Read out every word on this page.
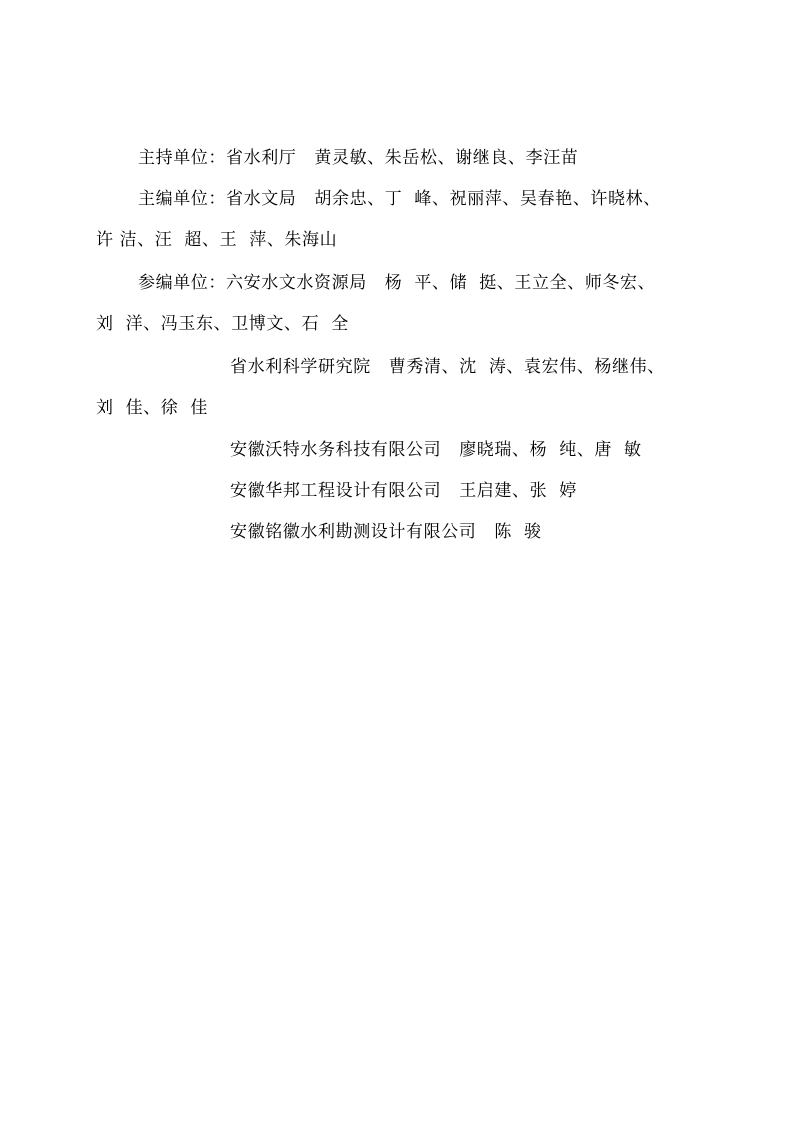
主持单位：省水利厅   黄灵敏、朱岳松、谢继良、李汪苗
主编单位：省水文局   胡余忠、丁  峰、祝丽萍、吴春艳、许晓林、
许 洁、汪  超、王  萍、朱海山
参编单位：六安水文水资源局   杨  平、储  挺、王立全、师冬宏、
刘  洋、冯玉东、卫博文、石  全
省水利科学研究院   曹秀清、沈  涛、袁宏伟、杨继伟、
刘  佳、徐  佳
安徽沃特水务科技有限公司   廖晓瑞、杨  纯、唐  敏
安徽华邦工程设计有限公司   王启建、张  婷
安徽铭徽水利勘测设计有限公司   陈  骏
